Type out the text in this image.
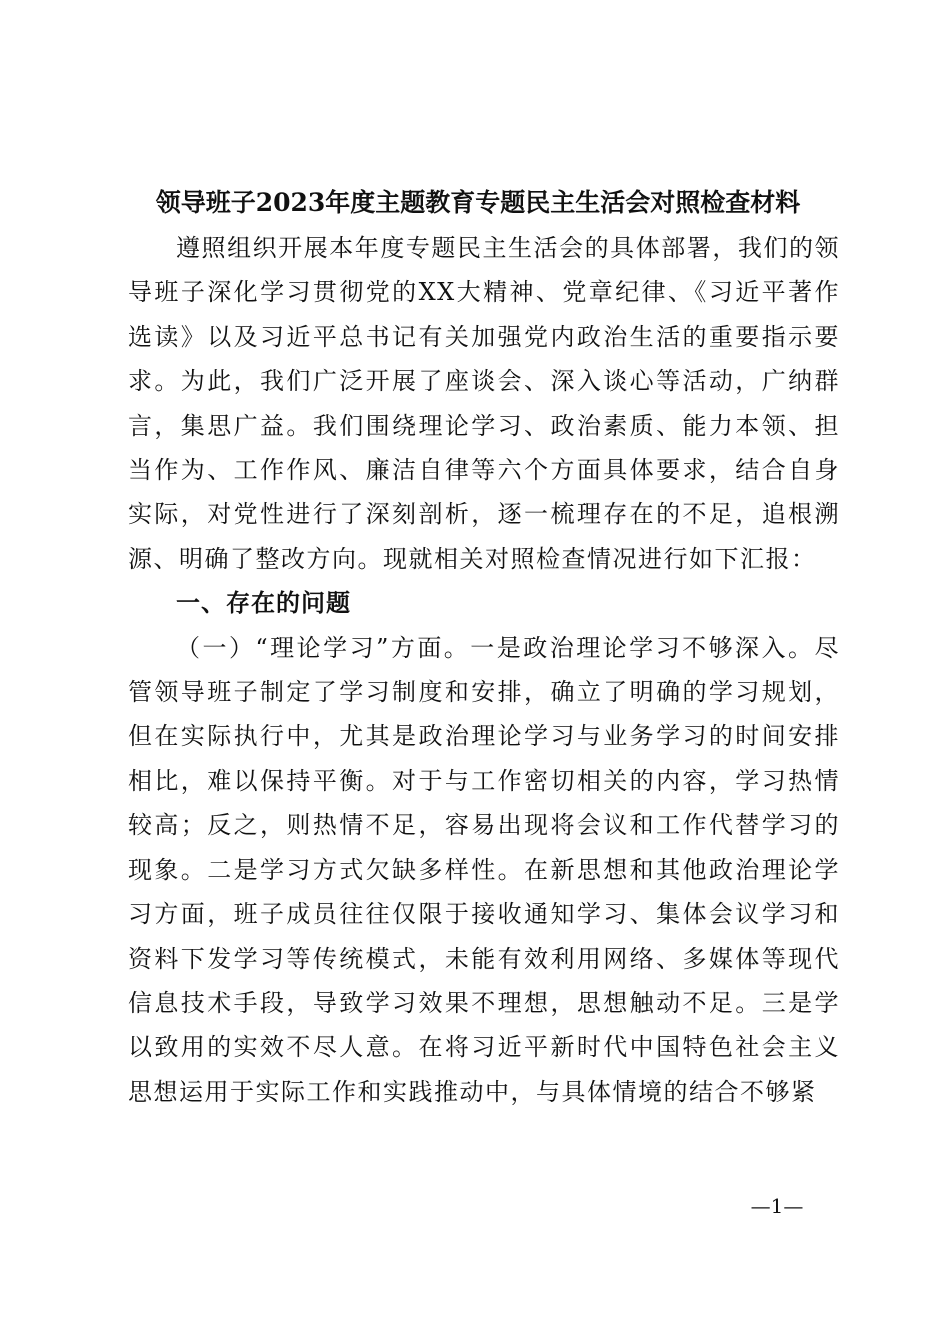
领导班子2023年度主题教育专题民主生活会对照检查材料

遵照组织开展本年度专题民主生活会的具体部署，我们的领导班子深化学习贯彻党的XX大精神、党章纪律、《习近平著作选读》以及习近平总书记有关加强党内政治生活的重要指示要求。为此，我们广泛开展了座谈会、深入谈心等活动，广纳群言，集思广益。我们围绕理论学习、政治素质、能力本领、担当作为、工作作风、廉洁自律等六个方面具体要求，结合自身实际，对党性进行了深刻剖析，逐一梳理存在的不足，追根溯源、明确了整改方向。现就相关对照检查情况进行如下汇报：

一、存在的问题

（一）“理论学习”方面。一是政治理论学习不够深入。尽管领导班子制定了学习制度和安排，确立了明确的学习规划，但在实际执行中，尤其是政治理论学习与业务学习的时间安排相比，难以保持平衡。对于与工作密切相关的内容，学习热情较高；反之，则热情不足，容易出现将会议和工作代替学习的现象。二是学习方式欠缺多样性。在新思想和其他政治理论学习方面，班子成员往往仅限于接收通知学习、集体会议学习和资料下发学习等传统模式，未能有效利用网络、多媒体等现代信息技术手段，导致学习效果不理想，思想触动不足。三是学以致用的实效不尽人意。在将习近平新时代中国特色社会主义思想运用于实际工作和实践推动中，与具体情境的结合不够紧

—1—
